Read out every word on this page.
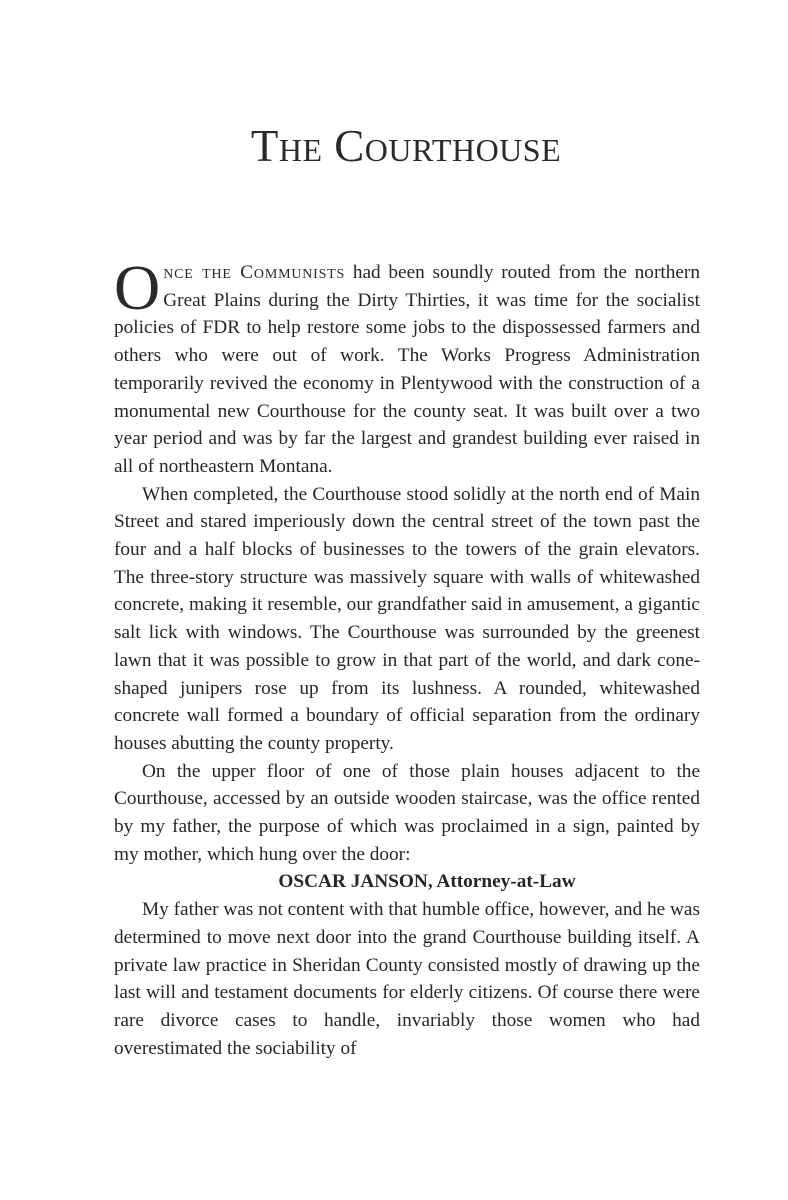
The Courthouse

Once the Communists had been soundly routed from the northern Great Plains during the Dirty Thirties, it was time for the socialist policies of FDR to help restore some jobs to the dispossessed farmers and others who were out of work. The Works Progress Administration temporarily revived the economy in Plentywood with the construction of a monumental new Courthouse for the county seat. It was built over a two year period and was by far the largest and grandest building ever raised in all of northeastern Montana.

When completed, the Courthouse stood solidly at the north end of Main Street and stared imperiously down the central street of the town past the four and a half blocks of businesses to the towers of the grain elevators. The three-story structure was massively square with walls of whitewashed concrete, making it resemble, our grandfather said in amusement, a gigantic salt lick with windows. The Courthouse was surrounded by the greenest lawn that it was possible to grow in that part of the world, and dark cone-shaped junipers rose up from its lushness. A rounded, whitewashed concrete wall formed a boundary of official separation from the ordinary houses abutting the county property.

On the upper floor of one of those plain houses adjacent to the Courthouse, accessed by an outside wooden staircase, was the office rented by my father, the purpose of which was proclaimed in a sign, painted by my mother, which hung over the door:

OSCAR JANSON, Attorney-at-Law

My father was not content with that humble office, however, and he was determined to move next door into the grand Courthouse building itself. A private law practice in Sheridan County consisted mostly of drawing up the last will and testament documents for elderly citizens. Of course there were rare divorce cases to handle, invariably those women who had overestimated the sociability of
